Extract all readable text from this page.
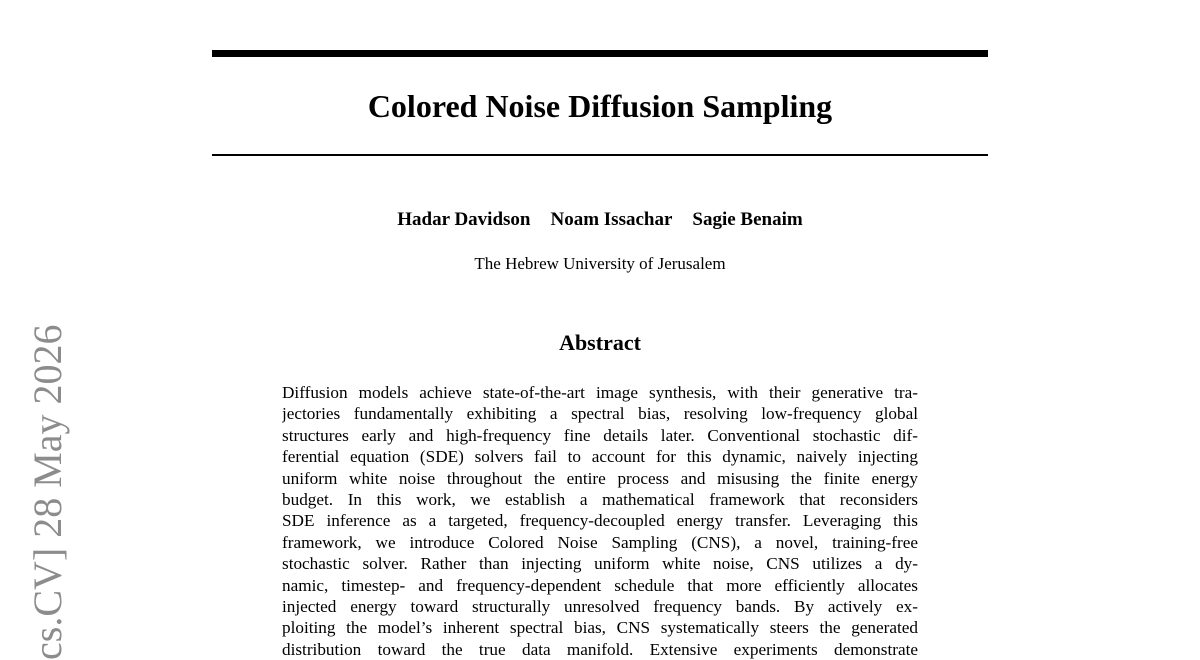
Colored Noise Diffusion Sampling
Hadar Davidson Noam Issachar Sagie Benaim
The Hebrew University of Jerusalem
Abstract
Diffusion models achieve state-of-the-art image synthesis, with their generative tra-
jectories fundamentally exhibiting a spectral bias, resolving low-frequency global
structures early and high-frequency fine details later. Conventional stochastic dif-
ferential equation (SDE) solvers fail to account for this dynamic, naively injecting
uniform white noise throughout the entire process and misusing the finite energy
budget. In this work, we establish a mathematical framework that reconsiders
SDE inference as a targeted, frequency-decoupled energy transfer. Leveraging this
framework, we introduce Colored Noise Sampling (CNS), a novel, training-free
stochastic solver. Rather than injecting uniform white noise, CNS utilizes a dy-
namic, timestep- and frequency-dependent schedule that more efficiently allocates
injected energy toward structurally unresolved frequency bands. By actively ex-
ploiting the model’s inherent spectral bias, CNS systematically steers the generated
distribution toward the true data manifold. Extensive experiments demonstrate
cs.CV] 28 May 2026
